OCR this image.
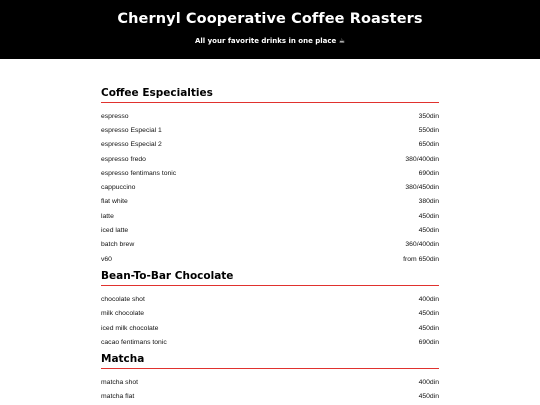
Chernyl Cooperative Coffee Roasters

All your favorite drinks in one place ☕

Coffee Especialties
espresso	350din
espresso Especial 1	550din
espresso Especial 2	650din
espresso fredo	380/400din
espresso fentimans tonic	690din
cappuccino	380/450din
flat white	380din
latte	450din
iced latte	450din
batch brew	360/400din
v60	from 650din
Bean-To-Bar Chocolate
chocolate shot	400din
milk chocolate	450din
iced milk chocolate	450din
cacao fentimans tonic	690din
Matcha
matcha shot	400din
matcha flat	450din
